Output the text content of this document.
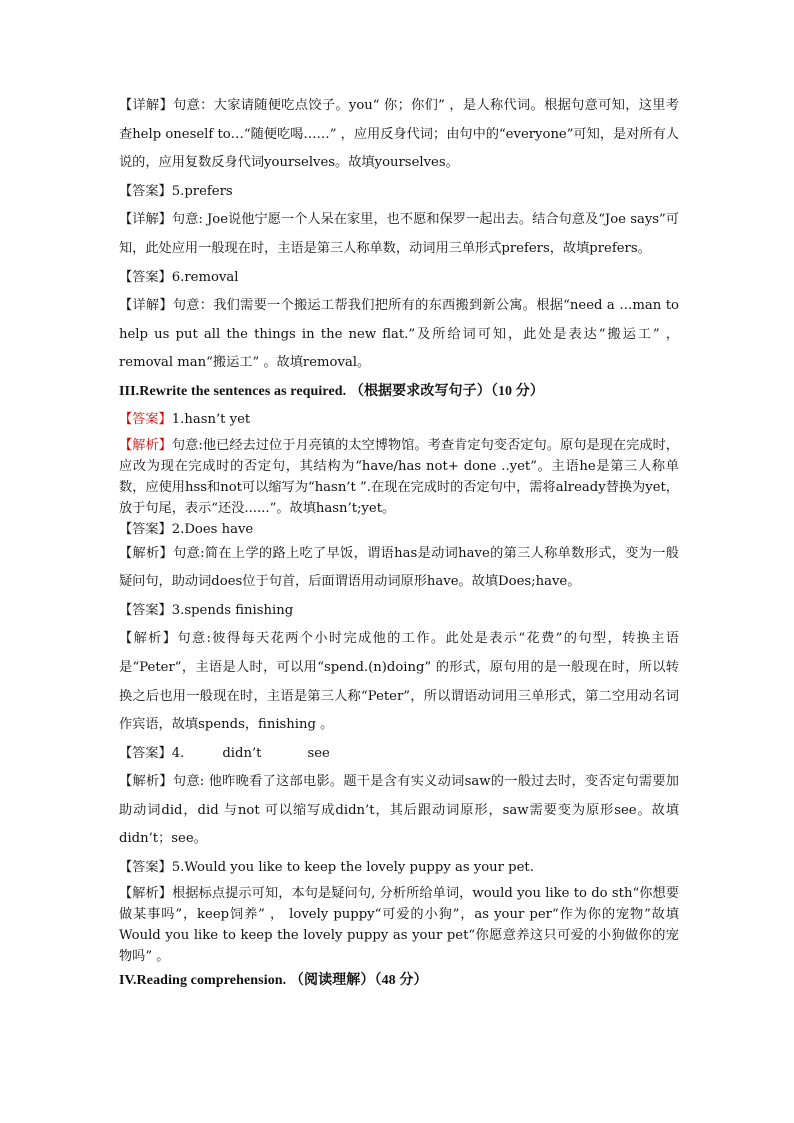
【详解】句意：大家请随便吃点饺子。you“ 你；你们” ，是人称代词。根据句意可知，这里考查help oneself to…“随便吃喝……” ，应用反身代词；由句中的“everyone”可知，是对所有人说的，应用复数反身代词yourselves。故填yourselves。

【答案】5.prefers

【详解】句意: Joe说他宁愿一个人呆在家里，也不愿和保罗一起出去。结合句意及“Joe says”可知，此处应用一般现在时，主语是第三人称单数，动词用三单形式prefers，故填prefers。

【答案】6.removal

【详解】句意：我们需要一个搬运工帮我们把所有的东西搬到新公寓。根据“need a …man to help us put all the things in the new flat.”及所给词可知，此处是表达“搬运工” ，removal man“搬运工” 。故填removal。

III.Rewrite the sentences as required. （根据要求改写句子）（10 分）

【答案】1.hasn’t yet

【解析】句意:他已经去过位于月亮镇的太空博物馆。考查肯定句变否定句。原句是现在完成时，应改为现在完成时的否定句，其结构为“have/has not+ done ..yet”。主语he是第三人称单数，应使用hss和not可以缩写为“hasn’t ”.在现在完成时的否定句中，需将already替换为yet，放于句尾，表示“还没......”。故填hasn’t;yet。

【答案】2.Does have

【解析】句意:简在上学的路上吃了早饭，谓语has是动词have的第三人称单数形式，变为一般疑问句，助动词does位于句首，后面谓语用动词原形have。故填Does;have。

【答案】3.spends finishing

【解析】句意:彼得每天花两个小时完成他的工作。此处是表示“花费”的句型，转换主语是“Peter”，主语是人时，可以用“spend.(n)doing” 的形式，原句用的是一般现在时，所以转换之后也用一般现在时，主语是第三人称“Peter”，所以谓语动词用三单形式，第二空用动名词作宾语，故填spends，finishing 。

【答案】4.	didn’t	see

【解析】句意: 他昨晚看了这部电影。题干是含有实义动词saw的一般过去时，变否定句需要加助动词did，did 与not 可以缩写成didn’t，其后跟动词原形，saw需要变为原形see。故填didn’t；see。

【答案】5.Would you like to keep the lovely puppy as your pet.

【解析】根据标点提示可知，本句是疑问句, 分析所给单词，would you like to do sth“你想要做某事吗”，keep饲养” ， lovely puppy“可爱的小狗”，as your per“作为你的宠物”故填Would you like to keep the lovely puppy as your pet“你愿意养这只可爱的小狗做你的宠物吗” 。

IV.Reading comprehension. （阅读理解）（48 分）
